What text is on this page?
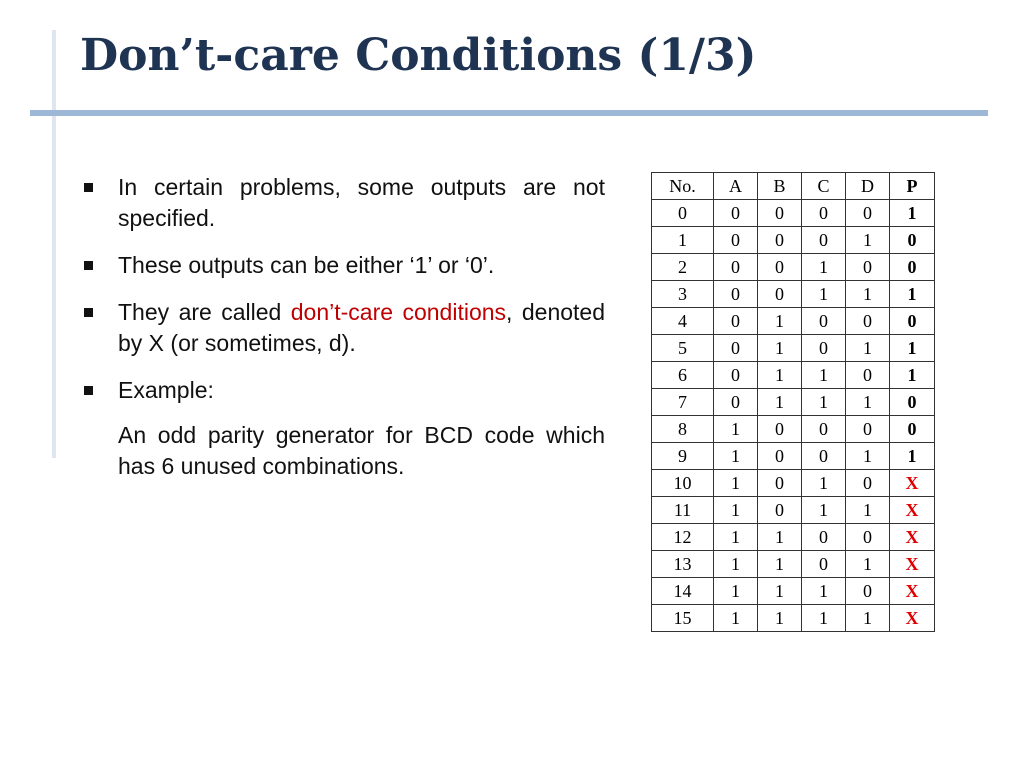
Don’t-care Conditions (1/3)
In certain problems, some outputs are not specified.
These outputs can be either ‘1’ or ‘0’.
They are called don’t-care conditions, denoted by X (or sometimes, d).
Example:
An odd parity generator for BCD code which has 6 unused combinations.
No.	A	B	C	D	P
0	0	0	0	0	1
1	0	0	0	1	0
2	0	0	1	0	0
3	0	0	1	1	1
4	0	1	0	0	0
5	0	1	0	1	1
6	0	1	1	0	1
7	0	1	1	1	0
8	1	0	0	0	0
9	1	0	0	1	1
10	1	0	1	0	X
11	1	0	1	1	X
12	1	1	0	0	X
13	1	1	0	1	X
14	1	1	1	0	X
15	1	1	1	1	X
